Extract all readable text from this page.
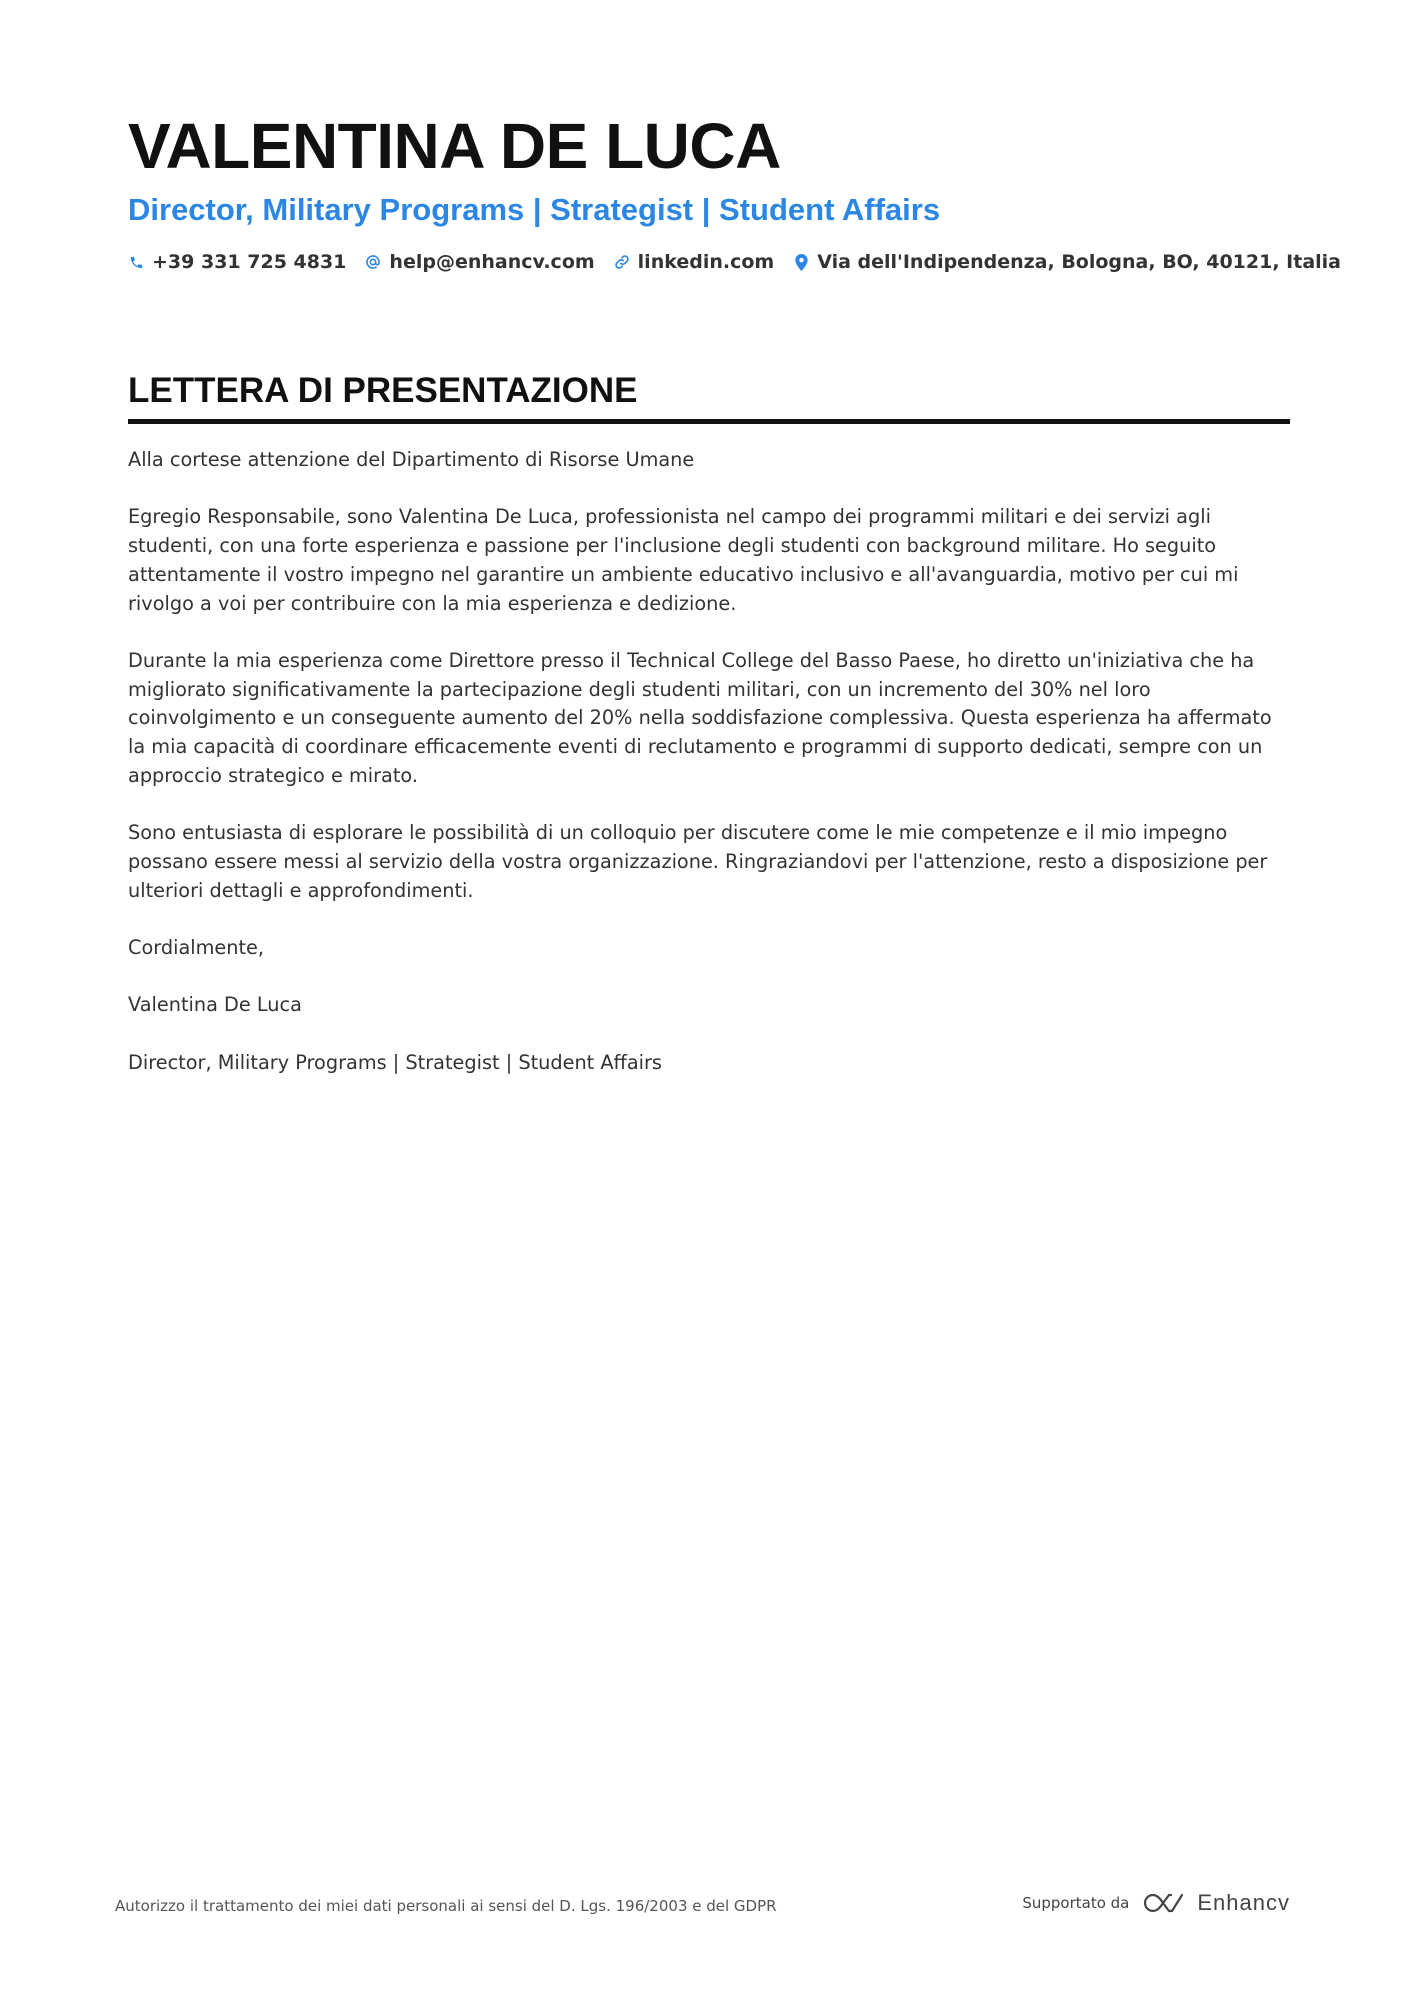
VALENTINA DE LUCA
Director, Military Programs | Strategist | Student Affairs
+39 331 725 4831 help@enhancv.com linkedin.com Via dell'Indipendenza, Bologna, BO, 40121, Italia
LETTERA DI PRESENTAZIONE

Alla cortese attenzione del Dipartimento di Risorse Umane

Egregio Responsabile, sono Valentina De Luca, professionista nel campo dei programmi militari e dei servizi agli studenti, con una forte esperienza e passione per l'inclusione degli studenti con background militare. Ho seguito attentamente il vostro impegno nel garantire un ambiente educativo inclusivo e all'avanguardia, motivo per cui mi rivolgo a voi per contribuire con la mia esperienza e dedizione.

Durante la mia esperienza come Direttore presso il Technical College del Basso Paese, ho diretto un'iniziativa che ha migliorato significativamente la partecipazione degli studenti militari, con un incremento del 30% nel loro coinvolgimento e un conseguente aumento del 20% nella soddisfazione complessiva. Questa esperienza ha affermato la mia capacità di coordinare efficacemente eventi di reclutamento e programmi di supporto dedicati, sempre con un approccio strategico e mirato.

Sono entusiasta di esplorare le possibilità di un colloquio per discutere come le mie competenze e il mio impegno possano essere messi al servizio della vostra organizzazione. Ringraziandovi per l'attenzione, resto a disposizione per ulteriori dettagli e approfondimenti.

Cordialmente,

Valentina De Luca

Director, Military Programs | Strategist | Student Affairs

Autorizzo il trattamento dei miei dati personali ai sensi del D. Lgs. 196/2003 e del GDPR	Supportato da	Enhancv
